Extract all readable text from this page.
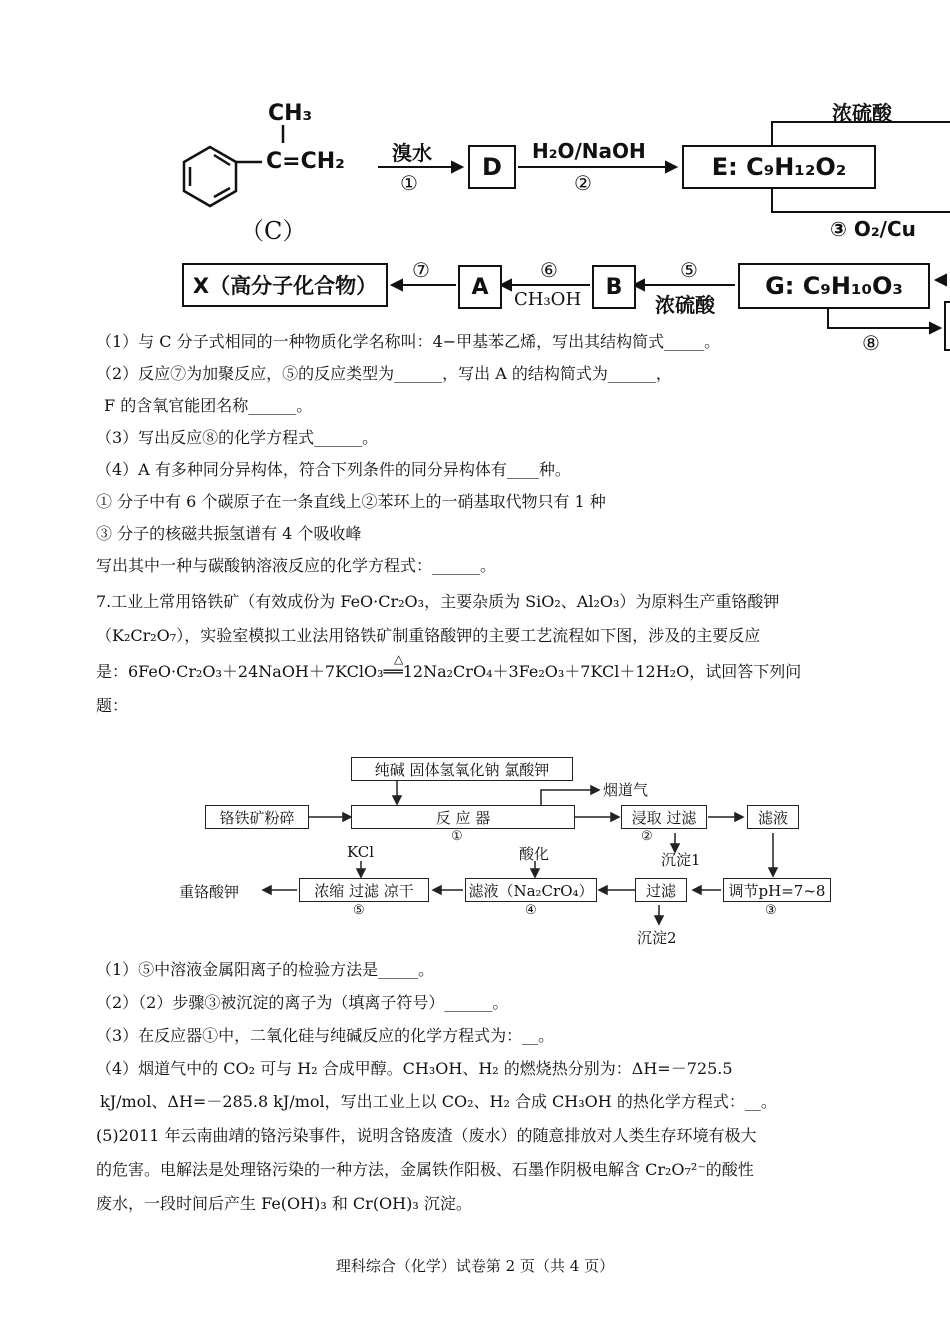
CH₃
C=CH₂
（C）
溴水
①
D
H₂O/NaOH
②
E: C₉H₁₂O₂
浓硫酸
③ O₂/Cu
G: C₉H₁₀O₃
⑤
浓硫酸
B
⑥
CH₃OH
A
⑦
X（高分子化合物）
⑧
（1）与 C 分子式相同的一种物质化学名称叫：4−甲基苯乙烯，写出其结构简式_____。
（2）反应⑦为加聚反应，⑤的反应类型为______，写出 A 的结构简式为______，
F 的含氧官能团名称______。
（3）写出反应⑧的化学方程式______。
（4）A 有多种同分异构体，符合下列条件的同分异构体有____种。
① 分子中有 6 个碳原子在一条直线上②苯环上的一硝基取代物只有 1 种
③ 分子的核磁共振氢谱有 4 个吸收峰
写出其中一种与碳酸钠溶液反应的化学方程式：______。
7.工业上常用铬铁矿（有效成份为 FeO·Cr₂O₃，主要杂质为 SiO₂、Al₂O₃）为原料生产重铬酸钾
（K₂Cr₂O₇），实验室模拟工业法用铬铁矿制重铬酸钾的主要工艺流程如下图，涉及的主要反应
△
是：6FeO·Cr₂O₃＋24NaOH＋7KClO₃══12Na₂CrO₄＋3Fe₂O₃＋7KCl＋12H₂O，试回答下列问
题：
纯碱 固体氢氧化钠 氯酸钾
铬铁矿粉碎	反 应 器
①
烟道气
浸取 过滤
②
沉淀1
滤液
调节pH=7~8
③
过滤
沉淀2
滤液（Na₂CrO₄）
④
酸化
浓缩 过滤 凉干
⑤
KCl
重铬酸钾
（1）⑤中溶液金属阳离子的检验方法是_____。
（2）（2）步骤③被沉淀的离子为（填离子符号）______。
（3）在反应器①中，二氧化硅与纯碱反应的化学方程式为：__。
（4）烟道气中的 CO₂ 可与 H₂ 合成甲醇。CH₃OH、H₂ 的燃烧热分别为：ΔH=－725.5
kJ/mol、ΔH=－285.8 kJ/mol，写出工业上以 CO₂、H₂ 合成 CH₃OH 的热化学方程式：__。
(5)2011 年云南曲靖的铬污染事件，说明含铬废渣（废水）的随意排放对人类生存环境有极大
的危害。电解法是处理铬污染的一种方法，金属铁作阳极、石墨作阴极电解含 Cr₂O₇²⁻的酸性
废水，一段时间后产生 Fe(OH)₃ 和 Cr(OH)₃ 沉淀。
理科综合（化学）试卷第 2 页（共 4 页）
